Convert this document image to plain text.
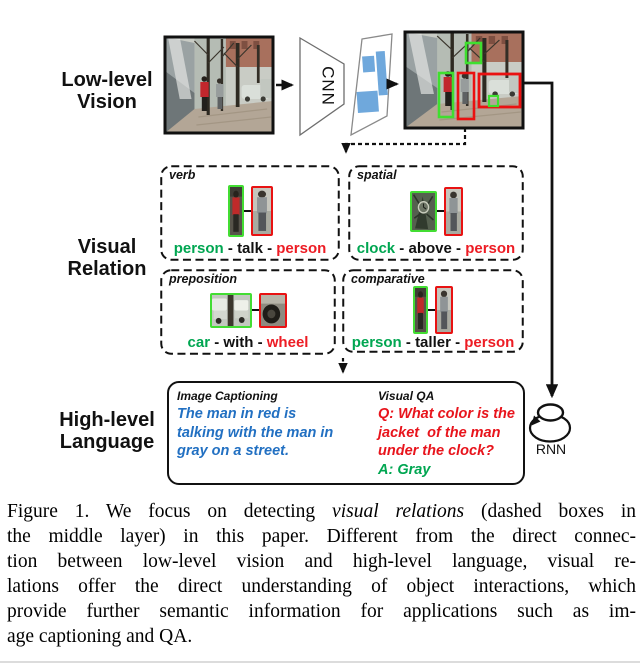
CNN
Low-level
Vision
Visual
Relation
High-level
Language
verb
person - talk - person
spatial
clock - above - person
preposition
car - with - wheel
comparative
person - taller - person
Image Captioning
The man in red is
talking with the man in
gray on a street.
Visual QA
Q: What color is the
jacket  of the man
under the clock?
A: Gray
RNN
Figure 1. We focus on detecting visual relations (dashed boxes in
the middle layer) in this paper. Different from the direct connec-
tion between low-level vision and high-level language, visual re-
lations offer the direct understanding of object interactions, which
provide further semantic information for applications such as im-
age captioning and QA.
